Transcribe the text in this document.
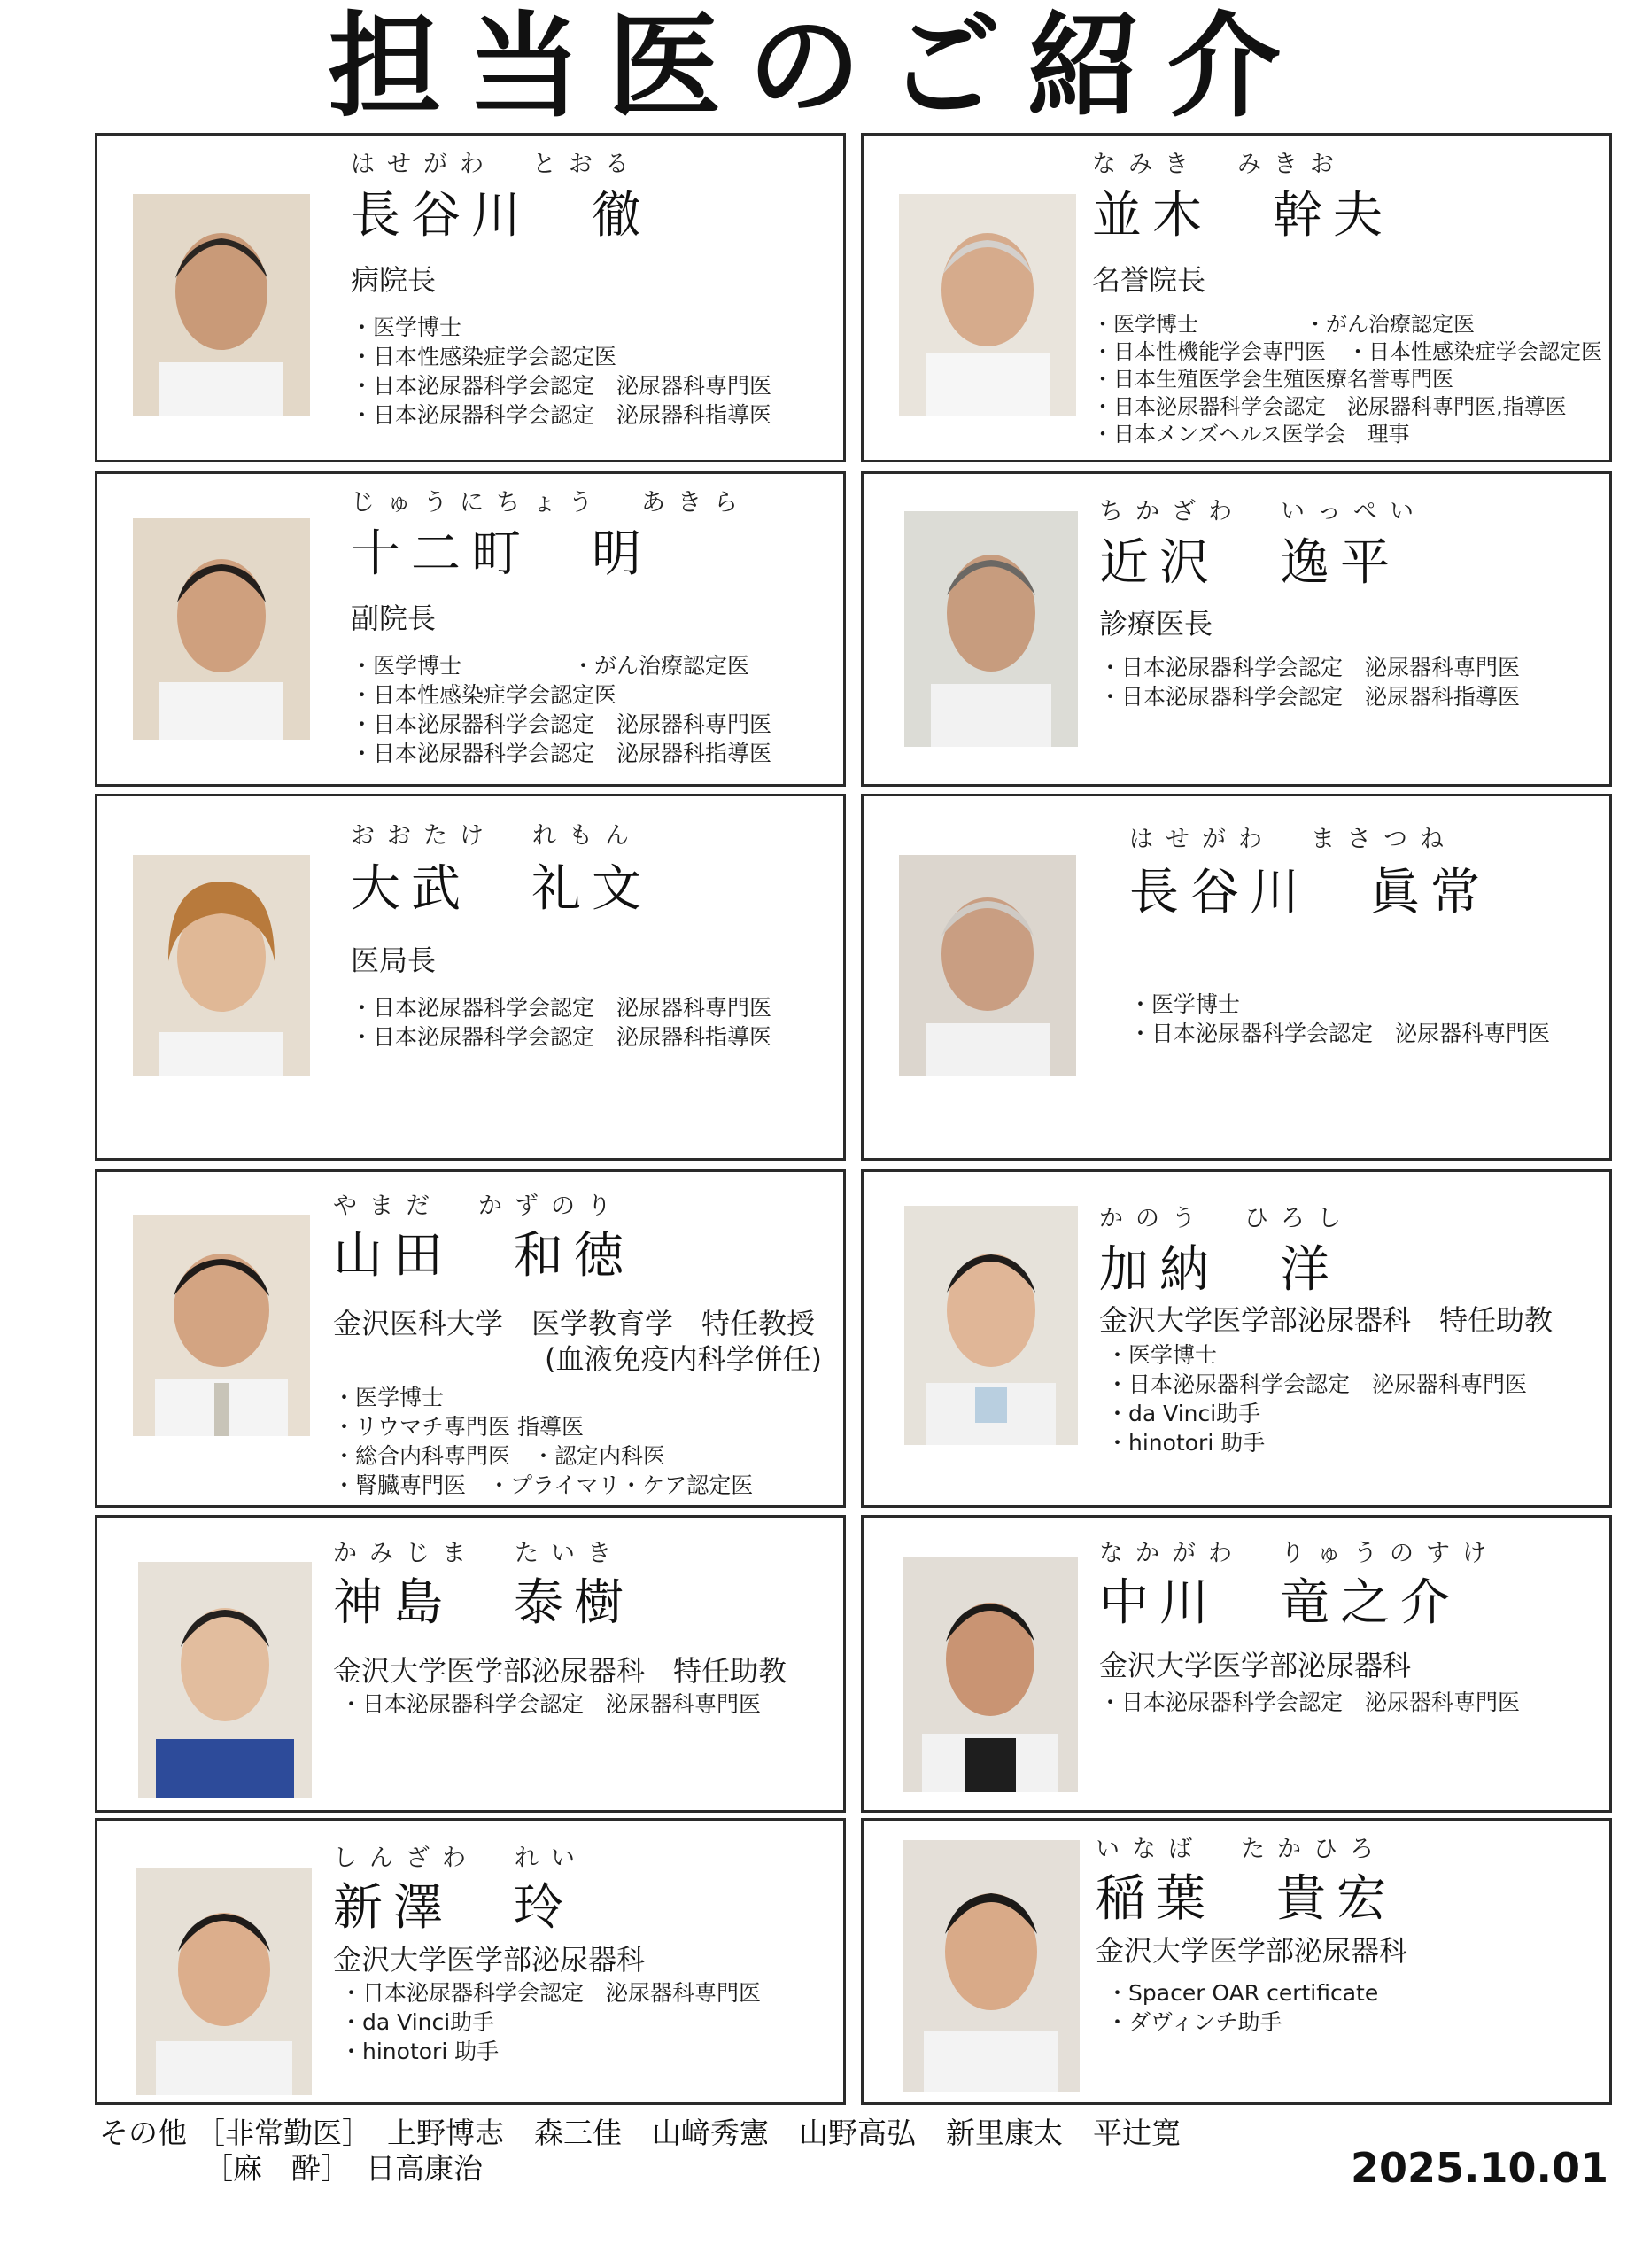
担当医のご紹介
はせがわ　とおる
長谷川　徹
病院長
・ 医学博士
・ 日本性感染症学会認定医
・ 日本泌尿器科学会認定　泌尿器科専門医
・ 日本泌尿器科学会認定　泌尿器科指導医
なみき　みきお
並木　幹夫
名誉院長
・ 医学博士　　　　　・がん治療認定医
・ 日本性機能学会専門医　・日本性感染症学会認定医
・ 日本生殖医学会生殖医療名誉専門医
・ 日本泌尿器科学会認定　泌尿器科専門医,指導医
・ 日本メンズヘルス医学会　理事
じゅうにちょう　あきら
十二町　明
副院長
・ 医学博士　　　　　・がん治療認定医
・ 日本性感染症学会認定医
・ 日本泌尿器科学会認定　泌尿器科専門医
・ 日本泌尿器科学会認定　泌尿器科指導医
ちかざわ　いっぺい
近沢　逸平
診療医長
・ 日本泌尿器科学会認定　泌尿器科専門医
・ 日本泌尿器科学会認定　泌尿器科指導医
おおたけ　れもん
大武　礼文
医局長
・ 日本泌尿器科学会認定　泌尿器科専門医
・ 日本泌尿器科学会認定　泌尿器科指導医
はせがわ　まさつね
長谷川　眞常
・ 医学博士
・ 日本泌尿器科学会認定　泌尿器科専門医
やまだ　かずのり
山田　和徳
金沢医科大学　医学教育学　特任教授
(血液免疫内科学併任)
・ 医学博士
・ リウマチ専門医 指導医
・ 総合内科専門医　・認定内科医
・ 腎臓専門医　・プライマリ・ケア認定医
かのう　ひろし
加納　洋
金沢大学医学部泌尿器科　特任助教
・ 医学博士
・ 日本泌尿器科学会認定　泌尿器科専門医
・ da Vinci助手
・ hinotori 助手
かみじま　たいき
神島　泰樹
金沢大学医学部泌尿器科　特任助教
・ 日本泌尿器科学会認定　泌尿器科専門医
なかがわ　りゅうのすけ
中川　竜之介
金沢大学医学部泌尿器科
・ 日本泌尿器科学会認定　泌尿器科専門医
しんざわ　れい
新澤　玲
金沢大学医学部泌尿器科
・ 日本泌尿器科学会認定　泌尿器科専門医
・ da Vinci助手
・ hinotori 助手
いなば　たかひろ
稲葉　貴宏
金沢大学医学部泌尿器科
・ Spacer OAR certificate
・ ダヴィンチ助手
その他 ［非常勤医］ 上野博志 森三佳 山﨑秀憲 山野高弘 新里康太 平辻寛
［麻　酔］ 日高康治	2025.10.01
